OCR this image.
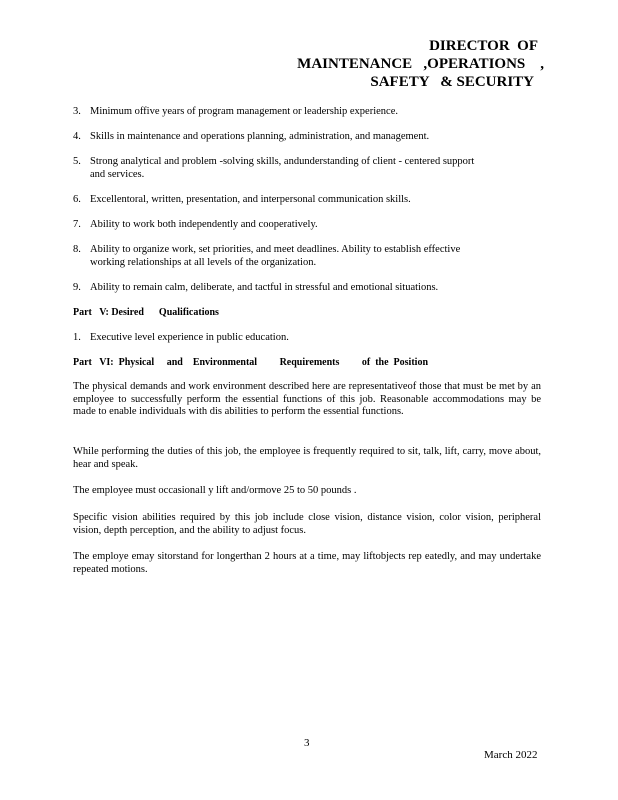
DIRECTOR  OF
MAINTENANCE   ,OPERATIONS    ,
SAFETY   & SECURITY
3. Minimum offive years of program management or leadership experience.
4. Skills in maintenance and operations planning, administration, and management.
5. Strong analytical and problem -solving skills, andunderstanding of client - centered support
and services.
6. Excellentoral, written, presentation, and interpersonal communication skills.
7. Ability to work both independently and cooperatively.
8. Ability to organize work, set priorities, and meet deadlines. Ability to establish effective
working relationships at all levels of the organization.
9. Ability to remain calm, deliberate, and tactful in stressful and emotional situations.
Part   V: Desired      Qualifications
1. Executive level experience in public education.
Part   VI:  Physical     and    Environmental         Requirements         of  the  Position
The physical demands and work environment described here are representativeof those that must be met by an employee to successfully perform the essential functions of this job. Reasonable accommodations may be made to enable individuals with dis abilities to perform the essential functions.
While performing the duties of this job, the employee is frequently required to sit, talk, lift, carry, move about, hear and speak.
The employee must occasionall y lift and/ormove 25 to 50 pounds .
Specific vision abilities required by this job include close vision, distance vision, color vision, peripheral vision, depth perception, and the ability to adjust focus.
The employe emay sitorstand for longerthan 2 hours at a time, may liftobjects rep eatedly, and may undertake repeated motions.
3
March 2022
